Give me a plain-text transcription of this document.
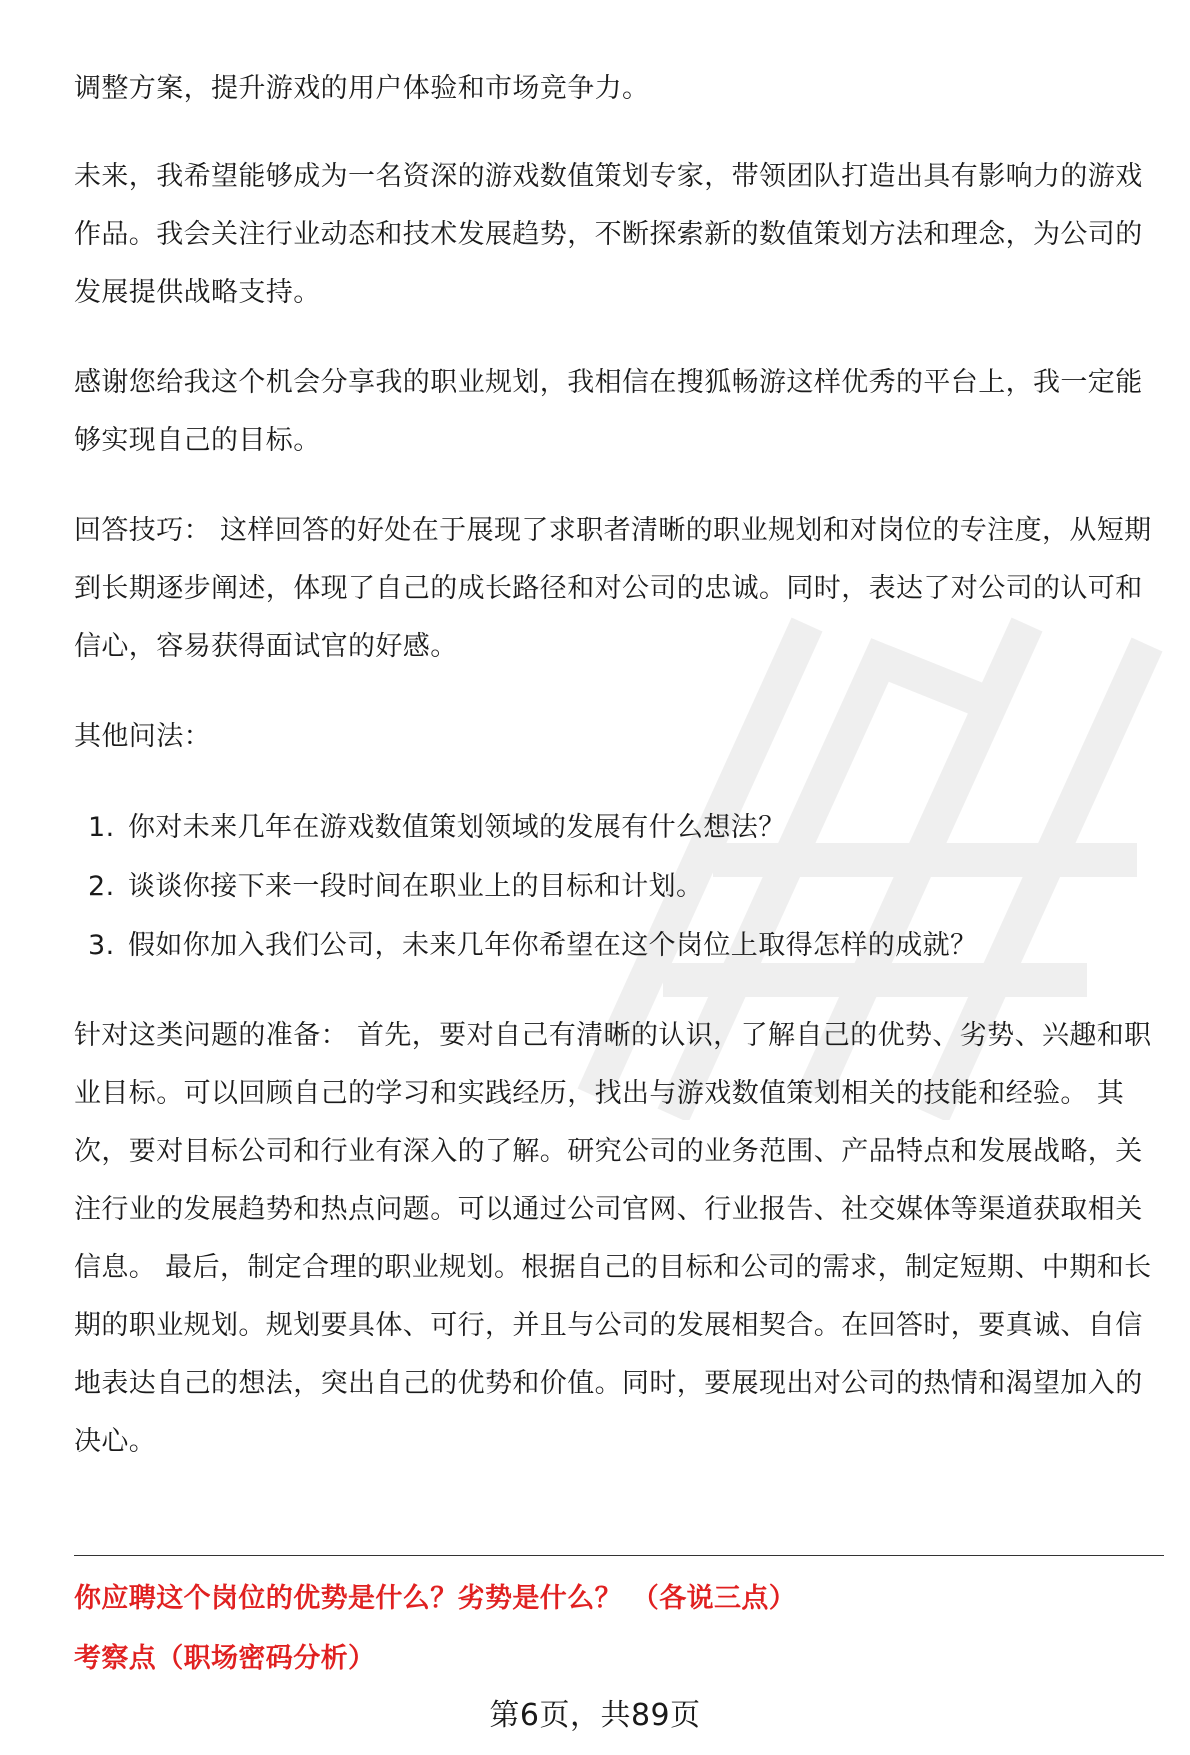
调整方案，提升游戏的用户体验和市场竞争力。

未来，我希望能够成为一名资深的游戏数值策划专家，带领团队打造出具有影响力的游戏作品。我会关注行业动态和技术发展趋势，不断探索新的数值策划方法和理念，为公司的发展提供战略支持。

感谢您给我这个机会分享我的职业规划，我相信在搜狐畅游这样优秀的平台上，我一定能够实现自己的目标。

回答技巧： 这样回答的好处在于展现了求职者清晰的职业规划和对岗位的专注度，从短期到长期逐步阐述，体现了自己的成长路径和对公司的忠诚。同时，表达了对公司的认可和信心，容易获得面试官的好感。

其他问法：

1. 你对未来几年在游戏数值策划领域的发展有什么想法？
2. 谈谈你接下来一段时间在职业上的目标和计划。
3. 假如你加入我们公司，未来几年你希望在这个岗位上取得怎样的成就？

针对这类问题的准备： 首先，要对自己有清晰的认识，了解自己的优势、劣势、兴趣和职业目标。可以回顾自己的学习和实践经历，找出与游戏数值策划相关的技能和经验。 其次，要对目标公司和行业有深入的了解。研究公司的业务范围、产品特点和发展战略，关注行业的发展趋势和热点问题。可以通过公司官网、行业报告、社交媒体等渠道获取相关信息。 最后，制定合理的职业规划。根据自己的目标和公司的需求，制定短期、中期和长期的职业规划。规划要具体、可行，并且与公司的发展相契合。在回答时，要真诚、自信地表达自己的想法，突出自己的优势和价值。同时，要展现出对公司的热情和渴望加入的决心。

你应聘这个岗位的优势是什么？劣势是什么？ （各说三点）
考察点（职场密码分析）
第6页，共89页
